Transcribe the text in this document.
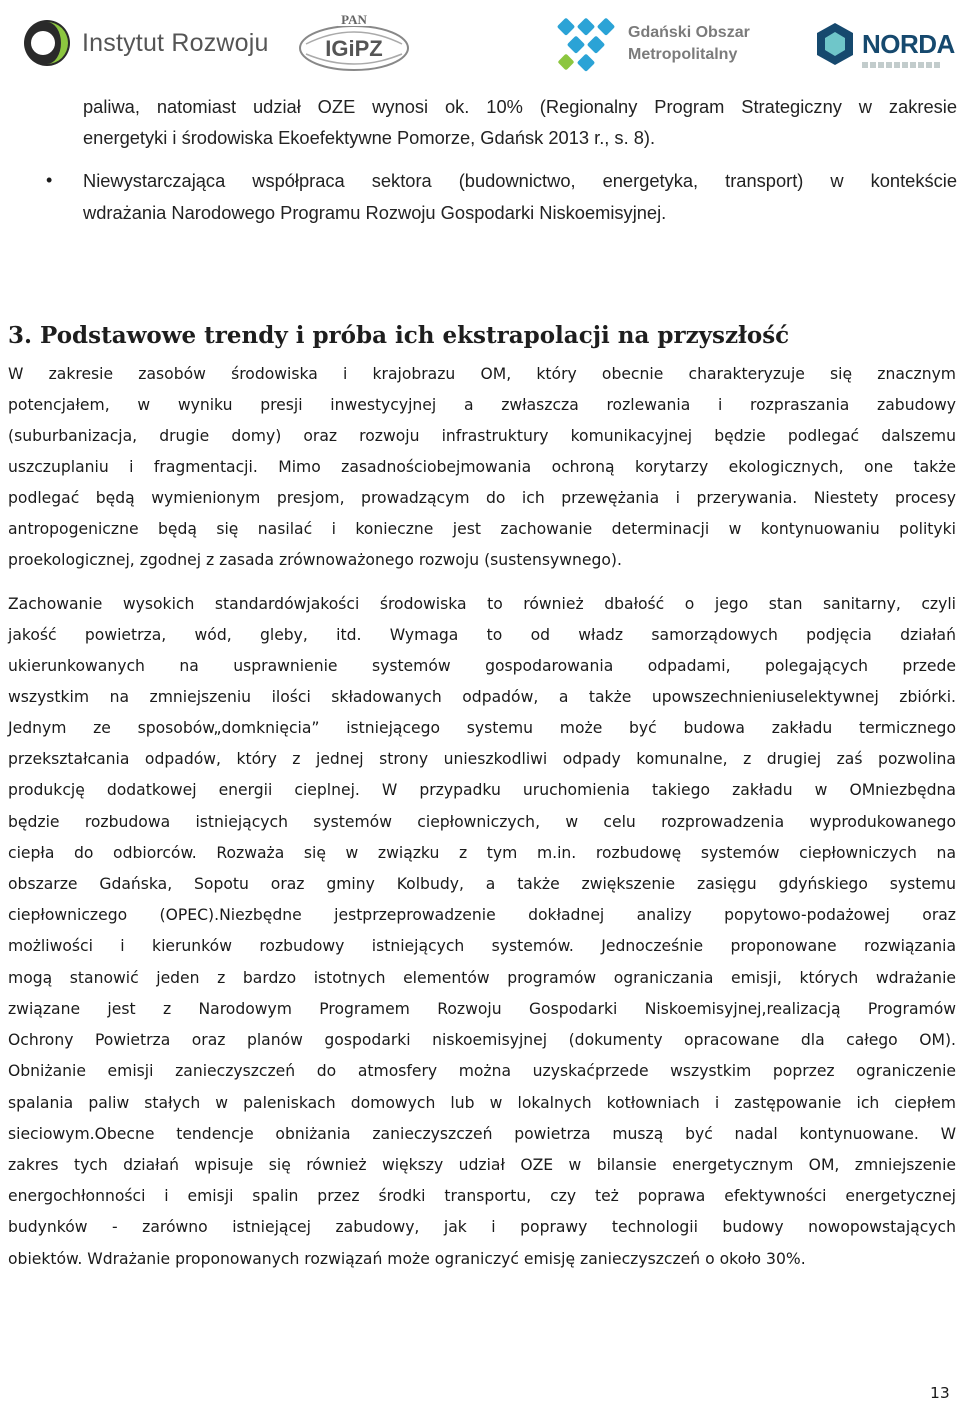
Instytut Rozwoju
PAN
IGiPZ
Gdański Obszar
Metropolitalny	NORDA
paliwa, natomiast udział OZE wynosi ok. 10% (Regionalny Program Strategiczny w zakresie
energetyki i środowiska Ekoefektywne Pomorze, Gdańsk 2013 r., s. 8).
• Niewystarczająca współpraca sektora (budownictwo, energetyka, transport) w kontekście
wdrażania Narodowego Programu Rozwoju Gospodarki Niskoemisyjnej.
3. Podstawowe trendy i próba ich ekstrapolacji na przyszłość
W zakresie zasobów środowiska i krajobrazu OM, który obecnie charakteryzuje się znacznym
potencjałem, w wyniku presji inwestycyjnej a zwłaszcza rozlewania i rozpraszania zabudowy
(suburbanizacja, drugie domy) oraz rozwoju infrastruktury komunikacyjnej będzie podlegać dalszemu
uszczuplaniu i fragmentacji. Mimo zasadnościobejmowania ochroną korytarzy ekologicznych, one także
podlegać będą wymienionym presjom, prowadzącym do ich przewężania i przerywania. Niestety procesy
antropogeniczne będą się nasilać i konieczne jest zachowanie determinacji w kontynuowaniu polityki
proekologicznej, zgodnej z zasada zrównoważonego rozwoju (sustensywnego).
Zachowanie wysokich standardówjakości środowiska to również dbałość o jego stan sanitarny, czyli
jakość powietrza, wód, gleby, itd. Wymaga to od władz samorządowych podjęcia działań
ukierunkowanych na usprawnienie systemów gospodarowania odpadami, polegających przede
wszystkim na zmniejszeniu ilości składowanych odpadów, a także upowszechnieniuselektywnej zbiórki.
Jednym ze sposobów„domknięcia” istniejącego systemu może być budowa zakładu termicznego
przekształcania odpadów, który z jednej strony unieszkodliwi odpady komunalne, z drugiej zaś pozwolina
produkcję dodatkowej energii cieplnej. W przypadku uruchomienia takiego zakładu w OMniezbędna
będzie rozbudowa istniejących systemów ciepłowniczych, w celu rozprowadzenia wyprodukowanego
ciepła do odbiorców. Rozważa się w związku z tym m.in. rozbudowę systemów ciepłowniczych na
obszarze Gdańska, Sopotu oraz gminy Kolbudy, a także zwiększenie zasięgu gdyńskiego systemu
ciepłowniczego (OPEC).Niezbędne jestprzeprowadzenie dokładnej analizy popytowo-podażowej oraz
możliwości i kierunków rozbudowy istniejących systemów. Jednocześnie proponowane rozwiązania
mogą stanowić jeden z bardzo istotnych elementów programów ograniczania emisji, których wdrażanie
związane jest z Narodowym Programem Rozwoju Gospodarki Niskoemisyjnej,realizacją Programów
Ochrony Powietrza oraz planów gospodarki niskoemisyjnej (dokumenty opracowane dla całego OM).
Obniżanie emisji zanieczyszczeń do atmosfery można uzyskaćprzede wszystkim poprzez ograniczenie
spalania paliw stałych w paleniskach domowych lub w lokalnych kotłowniach i zastępowanie ich ciepłem
sieciowym.Obecne tendencje obniżania zanieczyszczeń powietrza muszą być nadal kontynuowane. W
zakres tych działań wpisuje się również większy udział OZE w bilansie energetycznym OM, zmniejszenie
energochłonności i emisji spalin przez środki transportu, czy też poprawa efektywności energetycznej
budynków - zarówno istniejącej zabudowy, jak i poprawy technologii budowy nowopowstających
obiektów. Wdrażanie proponowanych rozwiązań może ograniczyć emisję zanieczyszczeń o około 30%.
13
